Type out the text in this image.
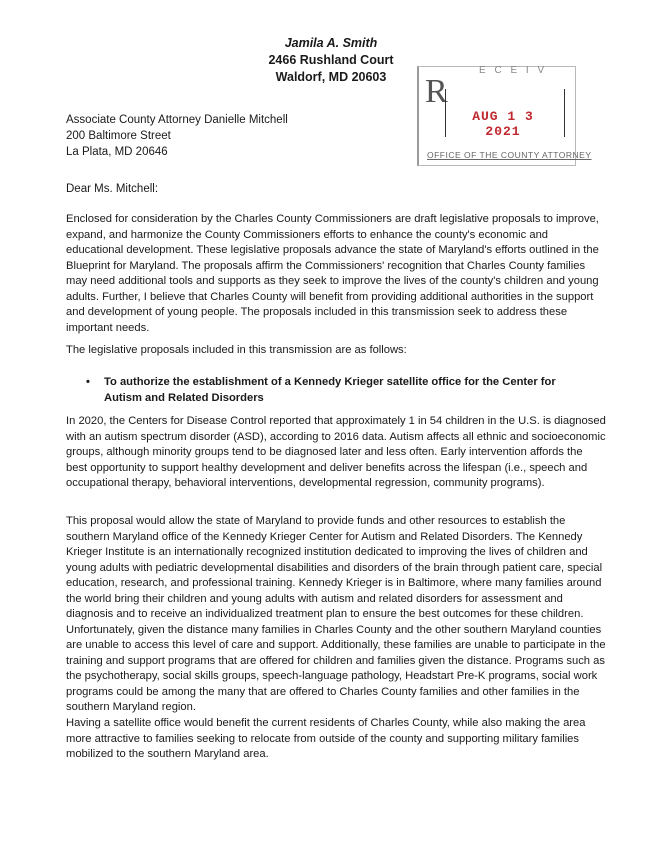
Jamila A. Smith
2466 Rushland Court
Waldorf, MD 20603	R
E C E I V
AUG 1 3 2021
OFFICE OF THE COUNTY ATTORNEY
Associate County Attorney Danielle Mitchell
200 Baltimore Street
La Plata, MD 20646
Dear Ms. Mitchell:

Enclosed for consideration by the Charles County Commissioners are draft legislative proposals to improve, expand, and harmonize the County Commissioners efforts to enhance the county's economic and educational development. These legislative proposals advance the state of Maryland's efforts outlined in the Blueprint for Maryland. The proposals affirm the Commissioners' recognition that Charles County families may need additional tools and supports as they seek to improve the lives of the county's children and young adults. Further, I believe that Charles County will benefit from providing additional authorities in the support and development of young people. The proposals included in this transmission seek to address these important needs.

The legislative proposals included in this transmission are as follows:

• To authorize the establishment of a Kennedy Krieger satellite office for the Center for Autism and Related Disorders

In 2020, the Centers for Disease Control reported that approximately 1 in 54 children in the U.S. is diagnosed with an autism spectrum disorder (ASD), according to 2016 data. Autism affects all ethnic and socioeconomic groups, although minority groups tend to be diagnosed later and less often. Early intervention affords the best opportunity to support healthy development and deliver benefits across the lifespan (i.e., speech and occupational therapy, behavioral interventions, developmental regression, community programs).

This proposal would allow the state of Maryland to provide funds and other resources to establish the southern Maryland office of the Kennedy Krieger Center for Autism and Related Disorders. The Kennedy Krieger Institute is an internationally recognized institution dedicated to improving the lives of children and young adults with pediatric developmental disabilities and disorders of the brain through patient care, special education, research, and professional training. Kennedy Krieger is in Baltimore, where many families around the world bring their children and young adults with autism and related disorders for assessment and diagnosis and to receive an individualized treatment plan to ensure the best outcomes for these children. Unfortunately, given the distance many families in Charles County and the other southern Maryland counties are unable to access this level of care and support. Additionally, these families are unable to participate in the training and support programs that are offered for children and families given the distance. Programs such as the psychotherapy, social skills groups, speech-language pathology, Headstart Pre-K programs, social work programs could be among the many that are offered to Charles County families and other families in the southern Maryland region.

Having a satellite office would benefit the current residents of Charles County, while also making the area more attractive to families seeking to relocate from outside of the county and supporting military families mobilized to the southern Maryland area.
